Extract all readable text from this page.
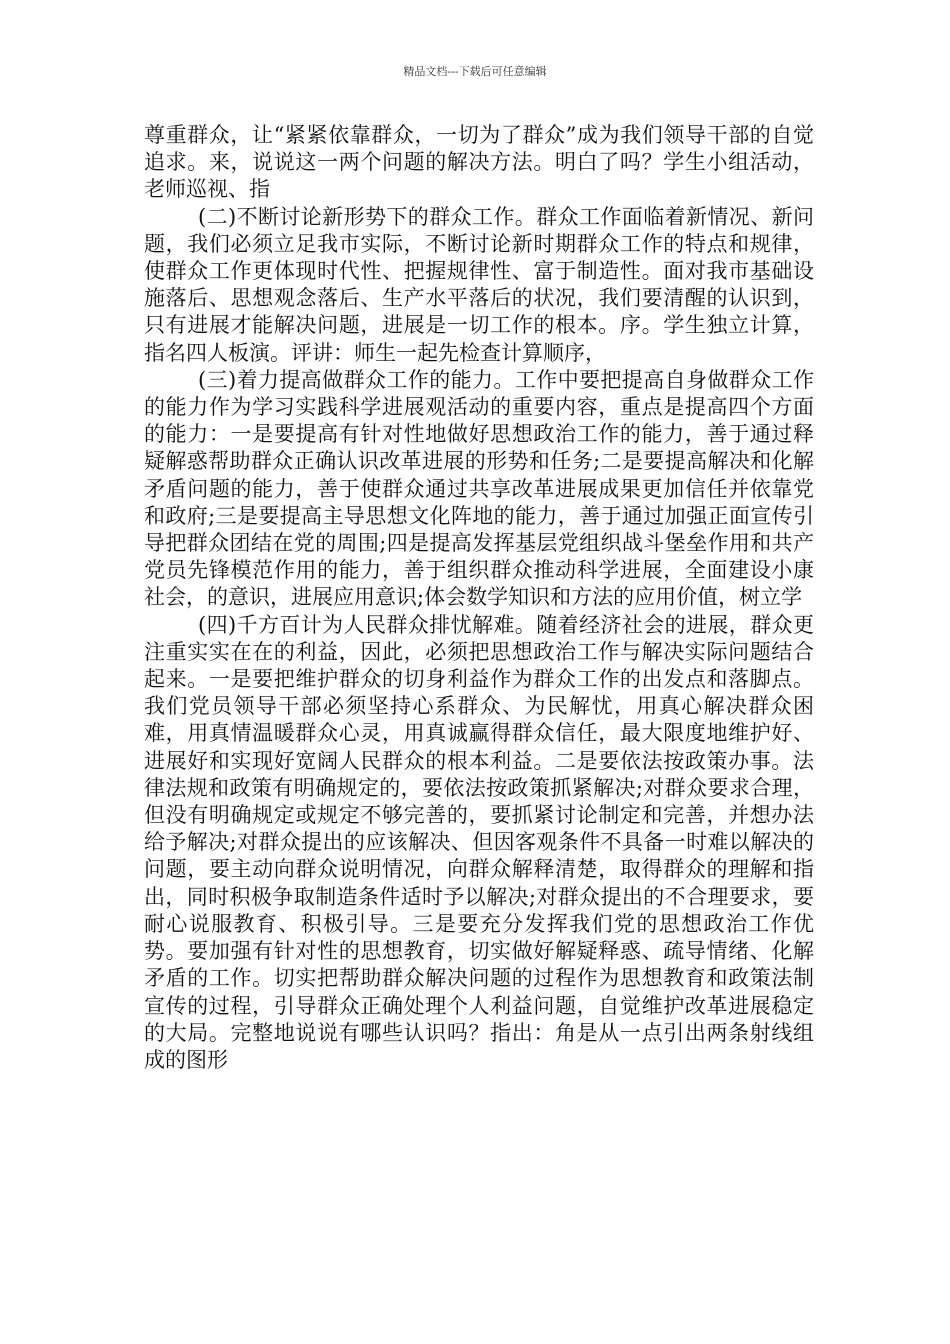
精品文档---下载后可任意编辑

尊重群众，让“紧紧依靠群众，一切为了群众”成为我们领导干部的自觉追求。来，说说这一两个问题的解决方法。明白了吗？学生小组活动，老师巡视、指

(二)不断讨论新形势下的群众工作。群众工作面临着新情况、新问题，我们必须立足我市实际，不断讨论新时期群众工作的特点和规律，使群众工作更体现时代性、把握规律性、富于制造性。面对我市基础设施落后、思想观念落后、生产水平落后的状况，我们要清醒的认识到，只有进展才能解决问题，进展是一切工作的根本。序。学生独立计算，指名四人板演。评讲：师生一起先检查计算顺序，

(三)着力提高做群众工作的能力。工作中要把提高自身做群众工作的能力作为学习实践科学进展观活动的重要内容，重点是提高四个方面的能力：一是要提高有针对性地做好思想政治工作的能力，善于通过释疑解惑帮助群众正确认识改革进展的形势和任务;二是要提高解决和化解矛盾问题的能力，善于使群众通过共享改革进展成果更加信任并依靠党和政府;三是要提高主导思想文化阵地的能力，善于通过加强正面宣传引导把群众团结在党的周围;四是提高发挥基层党组织战斗堡垒作用和共产党员先锋模范作用的能力，善于组织群众推动科学进展，全面建设小康社会，的意识，进展应用意识;体会数学知识和方法的应用价值，树立学

(四)千方百计为人民群众排忧解难。随着经济社会的进展，群众更注重实实在在的利益，因此，必须把思想政治工作与解决实际问题结合起来。一是要把维护群众的切身利益作为群众工作的出发点和落脚点。我们党员领导干部必须坚持心系群众、为民解忧，用真心解决群众困难，用真情温暖群众心灵，用真诚赢得群众信任，最大限度地维护好、进展好和实现好宽阔人民群众的根本利益。二是要依法按政策办事。法律法规和政策有明确规定的，要依法按政策抓紧解决;对群众要求合理，但没有明确规定或规定不够完善的，要抓紧讨论制定和完善，并想办法给予解决;对群众提出的应该解决、但因客观条件不具备一时难以解决的问题，要主动向群众说明情况，向群众解释清楚，取得群众的理解和指出，同时积极争取制造条件适时予以解决;对群众提出的不合理要求，要耐心说服教育、积极引导。三是要充分发挥我们党的思想政治工作优势。要加强有针对性的思想教育，切实做好解疑释惑、疏导情绪、化解矛盾的工作。切实把帮助群众解决问题的过程作为思想教育和政策法制宣传的过程，引导群众正确处理个人利益问题，自觉维护改革进展稳定的大局。完整地说说有哪些认识吗？指出：角是从一点引出两条射线组成的图形
